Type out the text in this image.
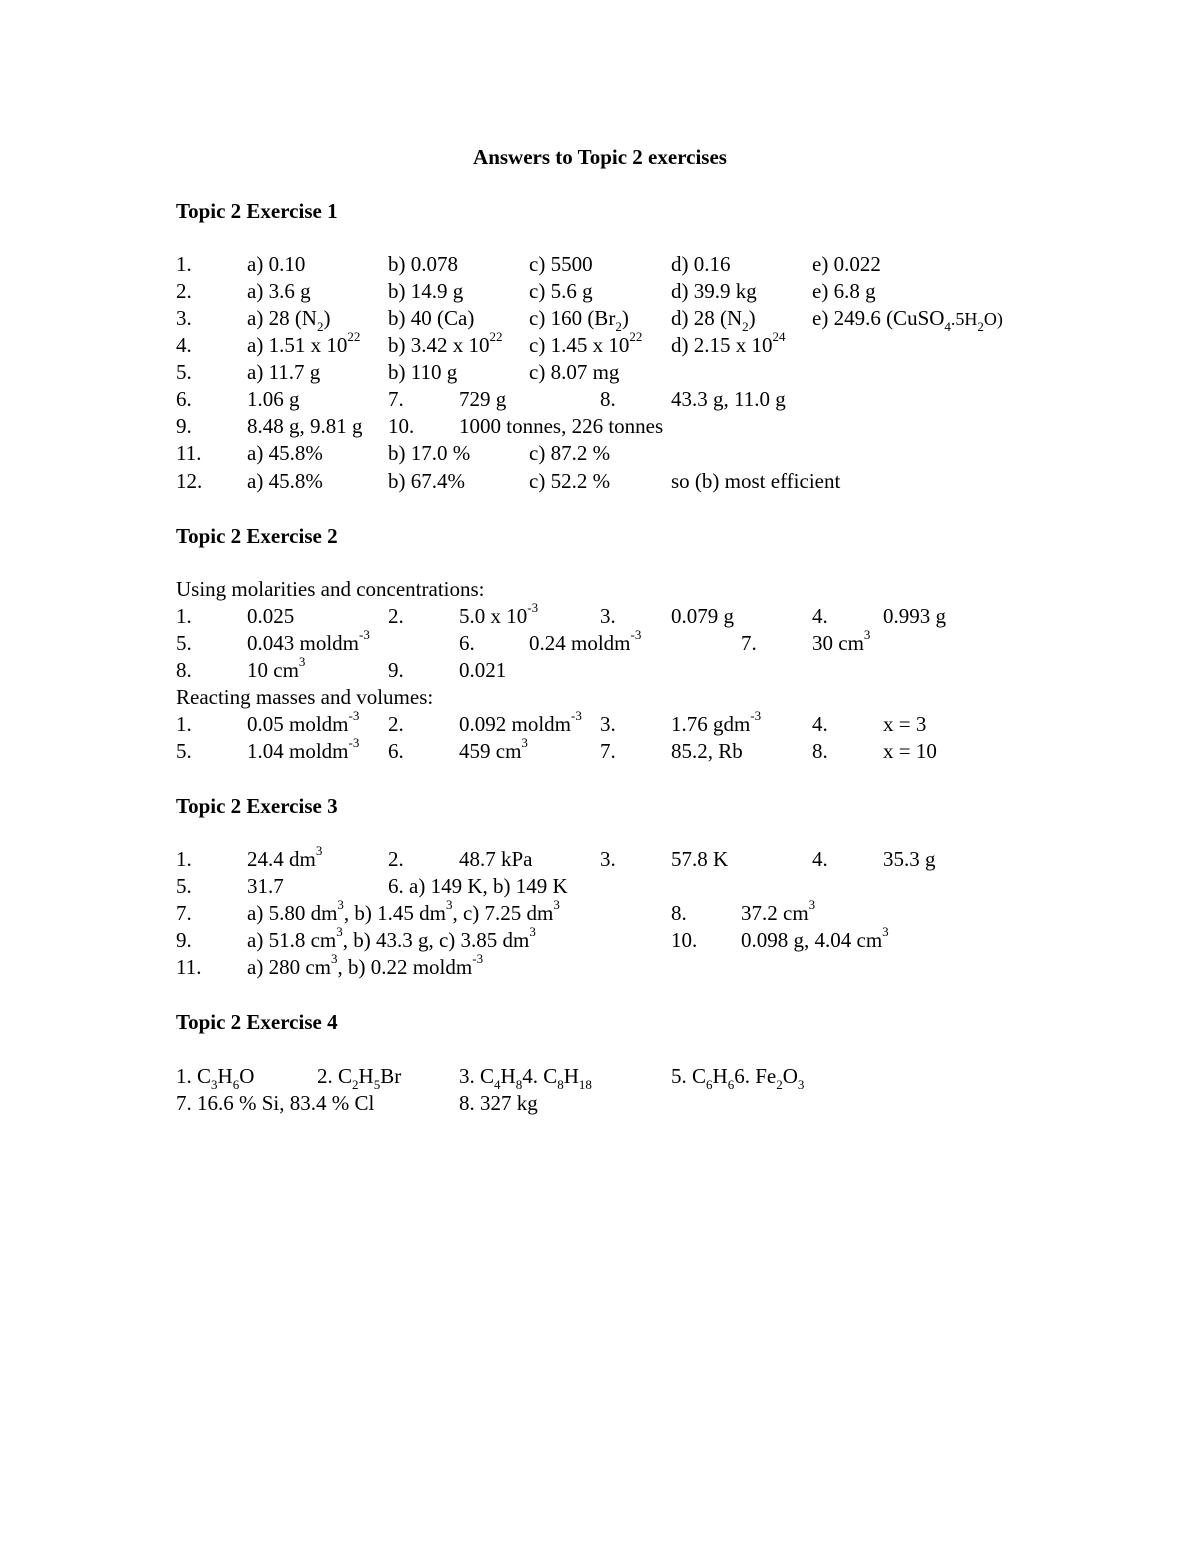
Answers to Topic 2 exercises
Topic 2 Exercise 1
1.	a) 0.10	b) 0.078	c) 5500	d) 0.16	e) 0.022
2.	a) 3.6 g	b) 14.9 g	c) 5.6 g	d) 39.9 kg	e) 6.8 g
3.	a) 28 $(N_2)$	b) 40 (Ca)	c) 160 $(Br_2)$ d) 28 $(N_2)$	e) 249.6 $(CuSO_4.5H_2O)$
4.	a) 1.51 x $10^{22}$ b) 3.42 x $10^{22}$ c) 1.45 x $10^{22}$ d) 2.15 x $10^{24}$
5.	a) 11.7 g	b) 110 g	c) 8.07 mg
6.	1.06 g	7.	729 g	8.	43.3 g, 11.0 g
9.	8.48 g, 9.81 g 10. 1000 tonnes, 226 tonnes
11. a) 45.8%	b) 17.0 %	c) 87.2 %
12. a) 45.8%	b) 67.4%	c) 52.2 %	so (b) most efficient
Topic 2 Exercise 2
Using molarities and concentrations:
1.	0.025	2.	5.0 x $10^{-3}$	3.	0.079 g	4.	0.993 g
5.	0.043 moldm$^{-3}$	6.	0.24 moldm$^{-3}$	7.	30 $cm^3$
8.	10 $cm^3$	9.	0.021
Reacting masses and volumes:
1.	0.05 moldm$^{-3}$ 2.	0.092 moldm$^{-3}$ 3.	1.76 gdm$^{-3}$ 4.	x = 3
5.	1.04 moldm$^{-3}$ 6.	459 $cm^3$	7.	85.2, Rb	8.	x = 10
Topic 2 Exercise 3
1.	24.4 $dm^3$	2.	48.7 kPa	3.	57.8 K	4.	35.3 g
5.	31.7	6. a) 149 K, b) 149 K
7.	a) 5.80 $dm^3$, b) 1.45 $dm^3$, c) 7.25 $dm^3$	8.	37.2 $cm^3$
9.	a) 51.8 $cm^3$, b) 43.3 g, c) 3.85 $dm^3$	10. 0.098 g, 4.04 $cm^3$
11. a) 280 $cm^3$, b) 0.22 moldm$^{-3}$
Topic 2 Exercise 4
1. $C_3H_6O$	2. $C_2H_5Br$	3. $C_4H_84$. $C_8H_{18}$	5. $C_6H_66$. $Fe_2O_3$
7. 16.6 % Si, 83.4 % Cl	8. 327 kg
